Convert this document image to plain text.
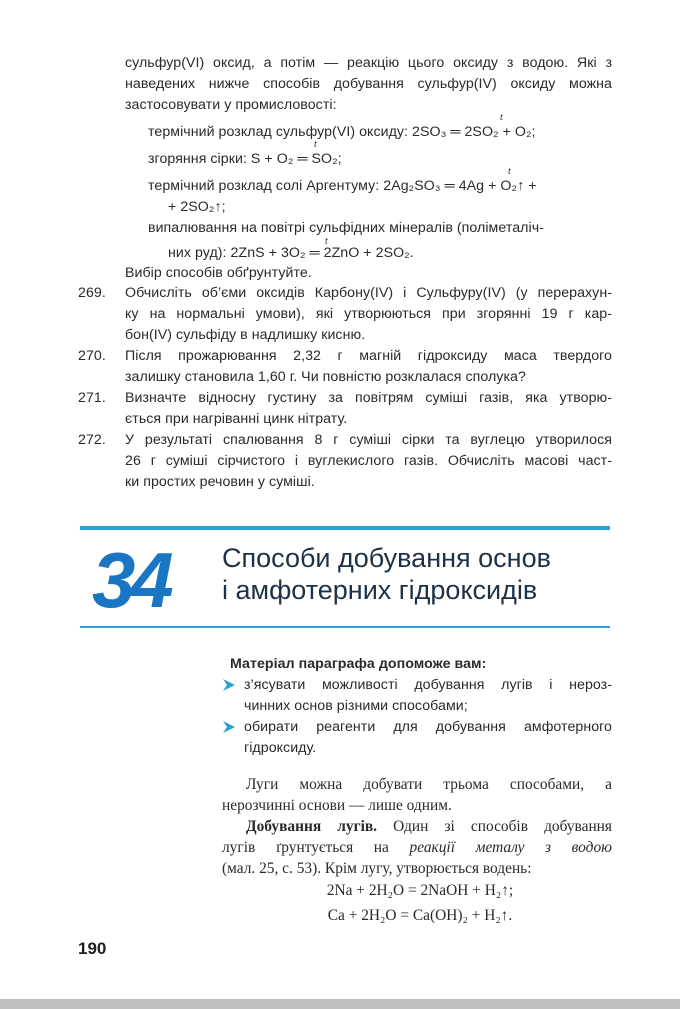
сульфур(VI) оксид, а потім — реакцію цього оксиду з водою. Які з
наведених нижче способів добування сульфур(IV) оксиду можна
застосовувати у промисловості:
термічний розклад сульфур(VI) оксиду: 2SO₃ ═ 2SO₂ + O₂;
згоряння сірки: S + O₂ ═ SO₂;
термічний розклад солі Аргентуму: 2Ag₂SO₃ ═ 4Ag + O₂↑ +
+ 2SO₂↑;
випалювання на повітрі сульфідних мінералів (поліметаліч-
них руд): 2ZnS + 3O₂ ═ 2ZnO + 2SO₂.
t
t
t
t
Вибір способів обґрунтуйте.
269.	Обчисліть об’єми оксидів Карбону(IV) і Сульфуру(IV) (у перерахун-
ку на нормальні умови), які утворюються при згорянні 19 г кар-
бон(IV) сульфіду в надлишку кисню.
270.	Після прожарювання 2,32 г магній гідроксиду маса твердого
залишку становила 1,60 г. Чи повністю розклалася сполука?
271.	Визначте відносну густину за повітрям суміші газів, яка утворю-
ється при нагріванні цинк нітрату.
272.	У результаті спалювання 8 г суміші сірки та вуглецю утворилося
26 г суміші сірчистого і вуглекислого газів. Обчисліть масові част-
ки простих речовин у суміші.
34 Способи добування основ
і амфотерних гідроксидів
Матеріал параграфа допоможе вам:
з’ясувати можливості добування лугів і нероз-
чинних основ різними способами;
обирати реагенти для добування амфотерного
гідроксиду.
Луги можна добувати трьома способами, а
нерозчинні основи — лише одним.
Добування лугів. Один зі способів добування
лугів ґрунтується на реакції металу з водою
(мал. 25, с. 53). Крім лугу, утворюється водень:
2Na + 2H₂O = 2NaOH + H₂↑;
Ca + 2H₂O = Ca(OH)₂ + H₂↑.
190
